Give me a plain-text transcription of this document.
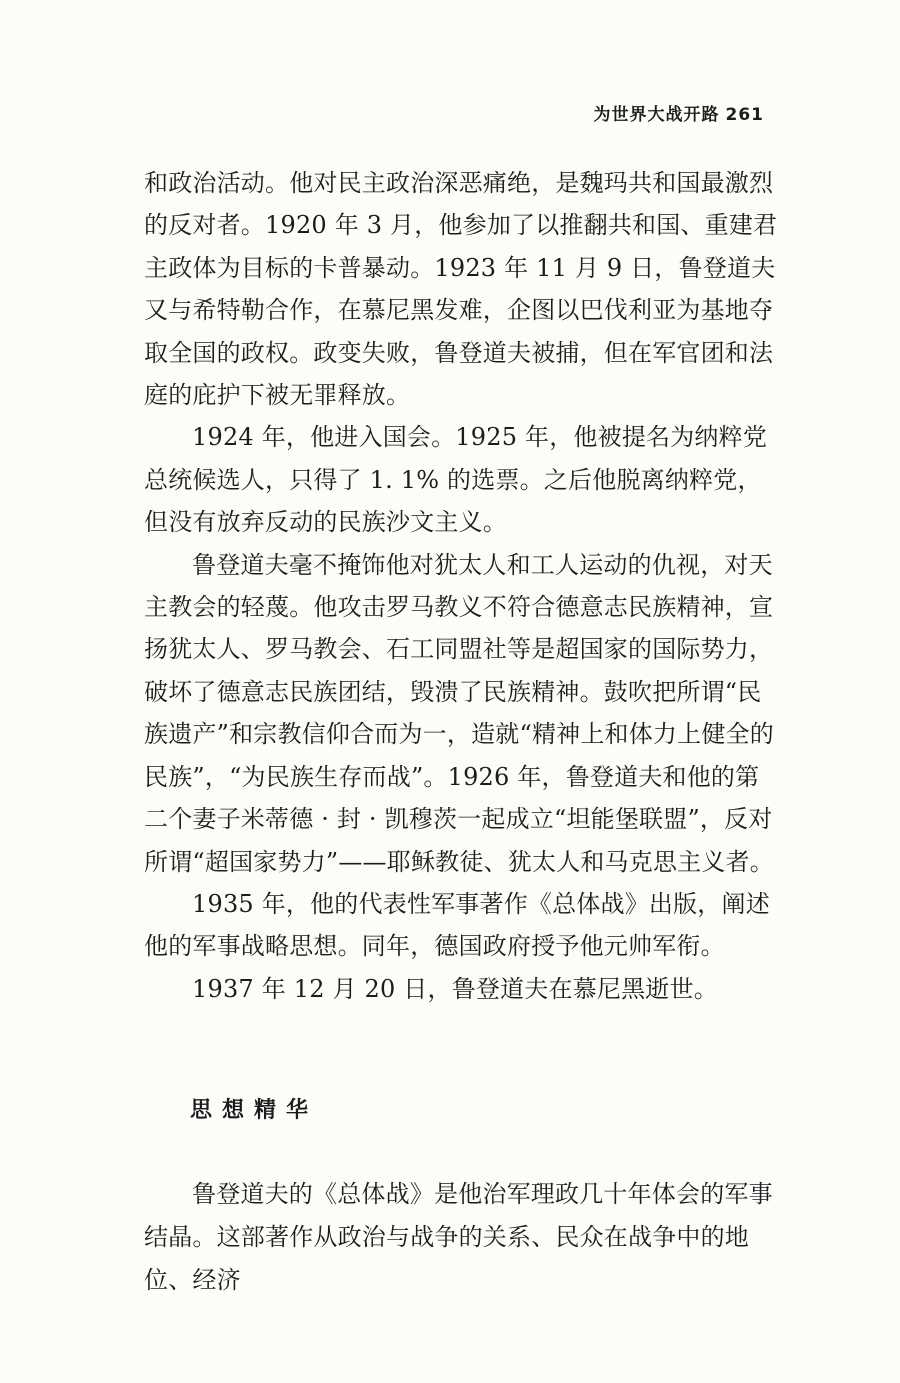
为世界大战开路 261

和政治活动。他对民主政治深恶痛绝，是魏玛共和国最激烈的反对者。1920 年 3 月，他参加了以推翻共和国、重建君主政体为目标的卡普暴动。1923 年 11 月 9 日，鲁登道夫又与希特勒合作，在慕尼黑发难，企图以巴伐利亚为基地夺取全国的政权。政变失败，鲁登道夫被捕，但在军官团和法庭的庇护下被无罪释放。

1924 年，他进入国会。1925 年，他被提名为纳粹党总统候选人，只得了 1. 1% 的选票。之后他脱离纳粹党，但没有放弃反动的民族沙文主义。

鲁登道夫毫不掩饰他对犹太人和工人运动的仇视，对天主教会的轻蔑。他攻击罗马教义不符合德意志民族精神，宣扬犹太人、罗马教会、石工同盟社等是超国家的国际势力，破坏了德意志民族团结，毁溃了民族精神。鼓吹把所谓“民族遗产”和宗教信仰合而为一，造就“精神上和体力上健全的民族”，“为民族生存而战”。1926 年，鲁登道夫和他的第二个妻子米蒂德 · 封 · 凯穆茨一起成立“坦能堡联盟”，反对所谓“超国家势力”——耶稣教徒、犹太人和马克思主义者。

1935 年，他的代表性军事著作《总体战》出版，阐述他的军事战略思想。同年，德国政府授予他元帅军衔。

1937 年 12 月 20 日，鲁登道夫在慕尼黑逝世。

思想精华

鲁登道夫的《总体战》是他治军理政几十年体会的军事结晶。这部著作从政治与战争的关系、民众在战争中的地位、经济
